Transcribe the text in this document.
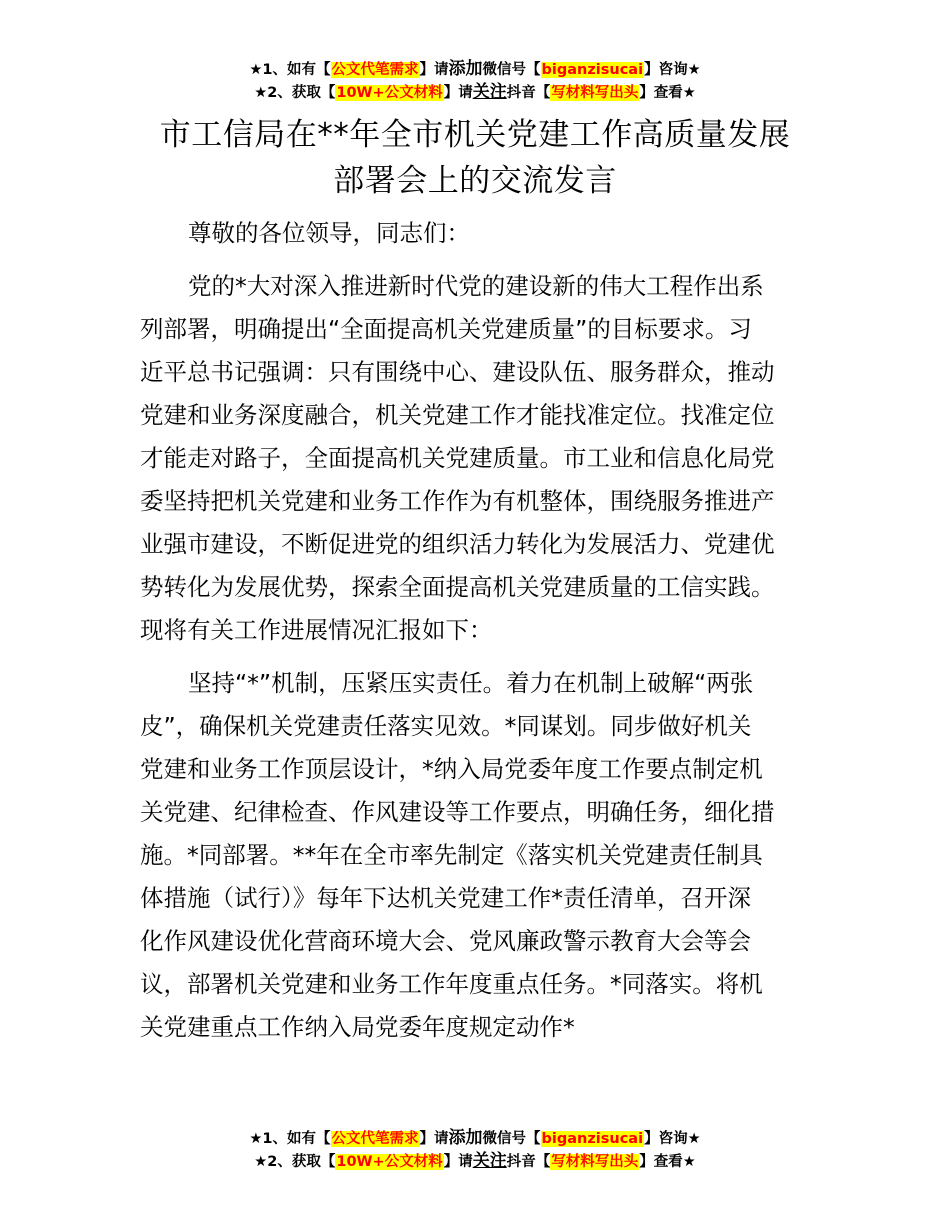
★1、如有【公文代笔需求】请添加微信号【biganzisucai】咨询★
★2、获取【10W+公文材料】请关注抖音【写材料写出头】查看★
市工信局在**年全市机关党建工作高质量发展
部署会上的交流发言

尊敬的各位领导，同志们：

党的*大对深入推进新时代党的建设新的伟大工程作出系
列部署，明确提出“全面提高机关党建质量”的目标要求。习
近平总书记强调：只有围绕中心、建设队伍、服务群众，推动
党建和业务深度融合，机关党建工作才能找准定位。找准定位
才能走对路子，全面提高机关党建质量。市工业和信息化局党
委坚持把机关党建和业务工作作为有机整体，围绕服务推进产
业强市建设，不断促进党的组织活力转化为发展活力、党建优
势转化为发展优势，探索全面提高机关党建质量的工信实践。
现将有关工作进展情况汇报如下：
坚持“*”机制，压紧压实责任。着力在机制上破解“两张
皮”，确保机关党建责任落实见效。*同谋划。同步做好机关
党建和业务工作顶层设计，*纳入局党委年度工作要点制定机
关党建、纪律检查、作风建设等工作要点，明确任务，细化措
施。*同部署。**年在全市率先制定《落实机关党建责任制具
体措施（试行）》每年下达机关党建工作*责任清单，召开深
化作风建设优化营商环境大会、党风廉政警示教育大会等会
议，部署机关党建和业务工作年度重点任务。*同落实。将机
关党建重点工作纳入局党委年度规定动作*
★1、如有【公文代笔需求】请添加微信号【biganzisucai】咨询★
★2、获取【10W+公文材料】请关注抖音【写材料写出头】查看★
